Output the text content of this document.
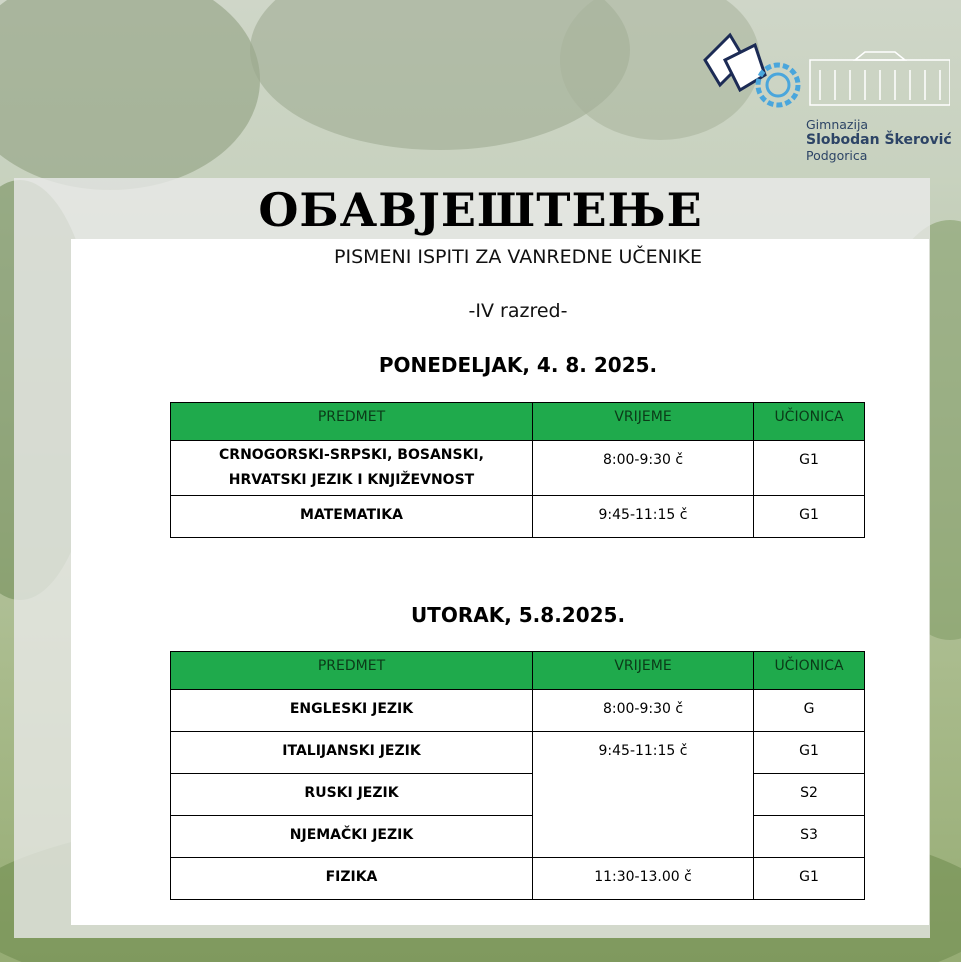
Gimnazija
Slobodan Škerović
Podgorica
ОБАВЈЕШТЕЊЕ
PISMENI ISPITI ZA VANREDNE UČENIKE
-IV razred-
PONEDELJAK, 4. 8. 2025.
PREDMET	VRIJEME	UČIONICA

CRNOGORSKI-SRPSKI, BOSANSKI,
HRVATSKI JEZIK I KNJIŽEVNOST	8:00-9:30 č	G1
MATEMATIKA	9:45-11:15 č	G1
UTORAK, 5.8.2025.
PREDMET	VRIJEME	UČIONICA
ENGLESKI JEZIK	8:00-9:30 č	G
ITALIJANSKI JEZIK	9:45-11:15 č	G1
RUSKI JEZIK		S2
NJEMAČKI JEZIK		S3
FIZIKA	11:30-13.00 č	G1
